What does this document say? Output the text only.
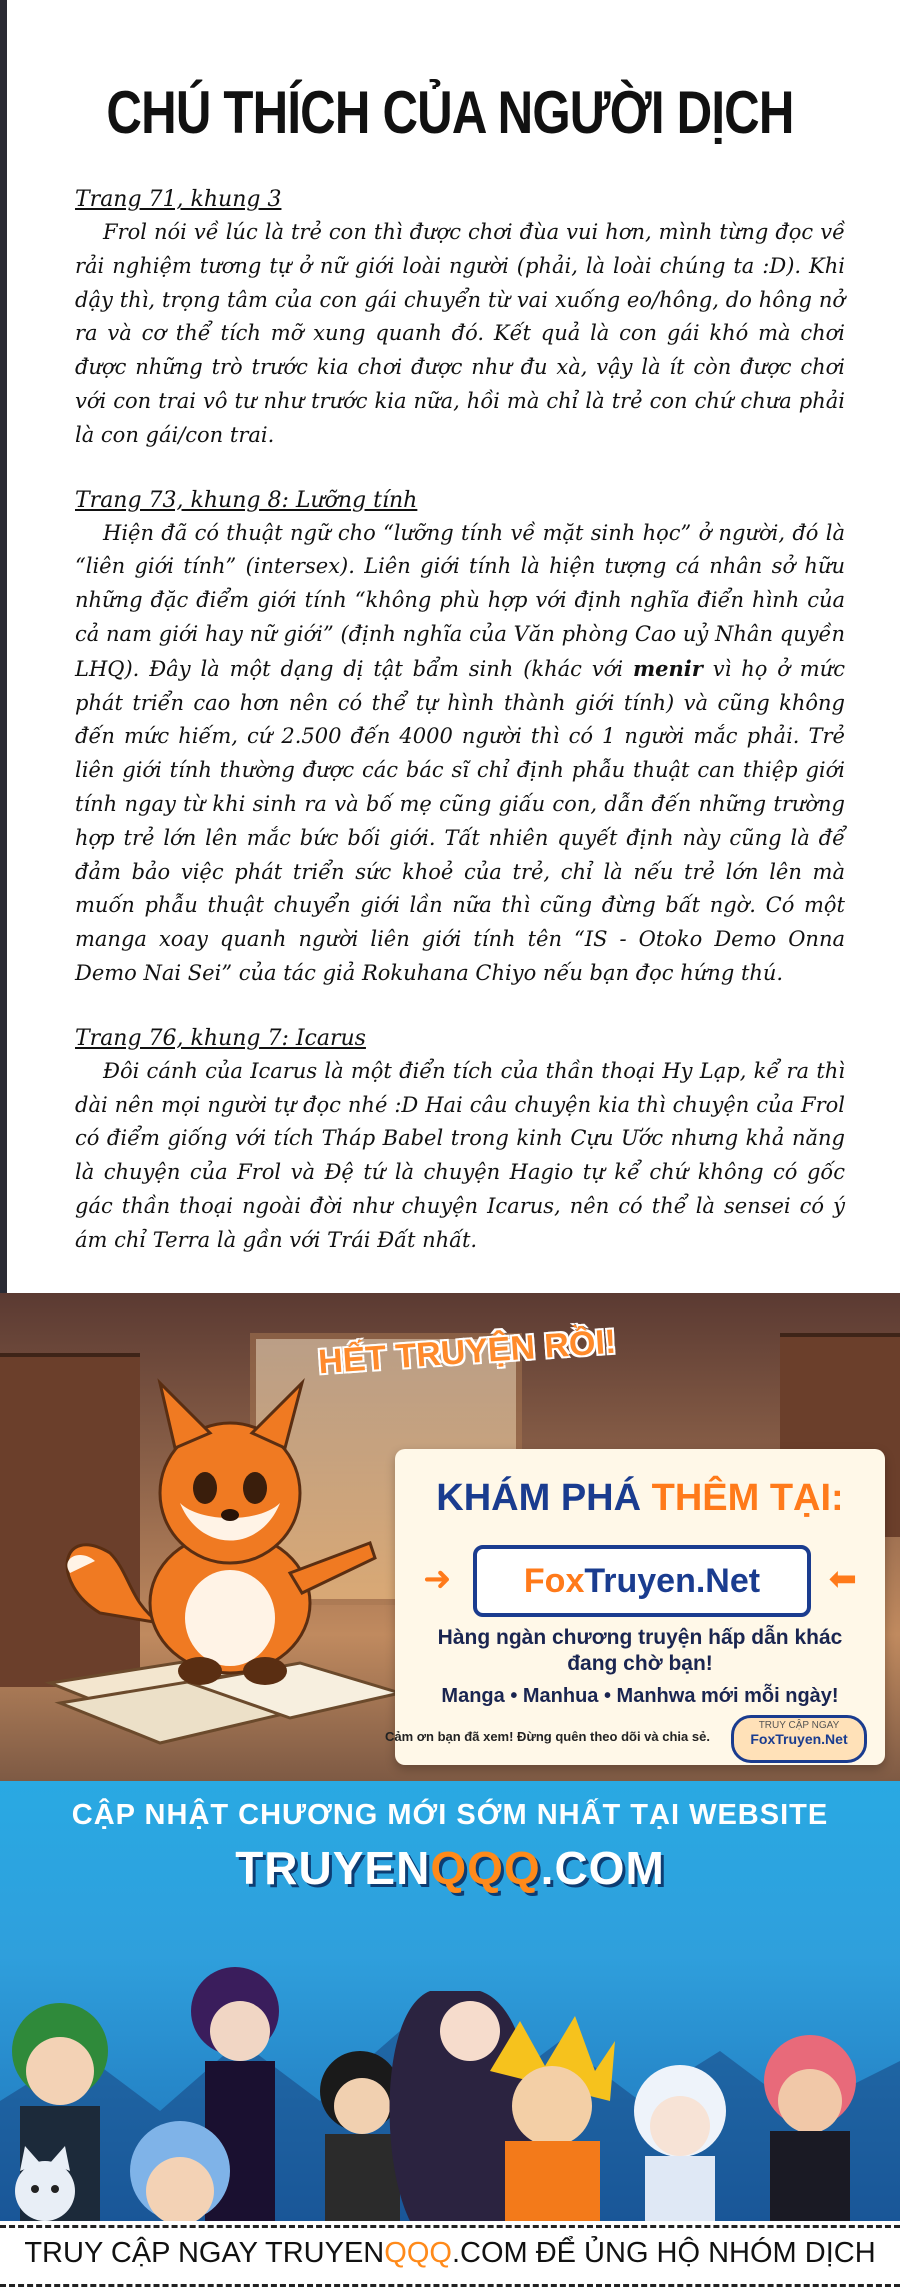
CHÚ THÍCH CỦA NGƯỜI DỊCH

Trang 71, khung 3

Frol nói về lúc là trẻ con thì được chơi đùa vui hơn, mình từng đọc về rải nghiệm tương tự ở nữ giới loài người (phải, là loài chúng ta :D). Khi dậy thì, trọng tâm của con gái chuyển từ vai xuống eo/hông, do hông nở ra và cơ thể tích mỡ xung quanh đó. Kết quả là con gái khó mà chơi được những trò trước kia chơi được như đu xà, vậy là ít còn được chơi với con trai vô tư như trước kia nữa, hồi mà chỉ là trẻ con chứ chưa phải là con gái/con trai.

Trang 73, khung 8: Lưỡng tính

Hiện đã có thuật ngữ cho “lưỡng tính về mặt sinh học” ở người, đó là “liên giới tính” (intersex). Liên giới tính là hiện tượng cá nhân sở hữu những đặc điểm giới tính “không phù hợp với định nghĩa điển hình của cả nam giới hay nữ giới” (định nghĩa của Văn phòng Cao uỷ Nhân quyền LHQ). Đây là một dạng dị tật bẩm sinh (khác với menir vì họ ở mức phát triển cao hơn nên có thể tự hình thành giới tính) và cũng không đến mức hiếm, cứ 2.500 đến 4000 người thì có 1 người mắc phải. Trẻ liên giới tính thường được các bác sĩ chỉ định phẫu thuật can thiệp giới tính ngay từ khi sinh ra và bố mẹ cũng giấu con, dẫn đến những trường hợp trẻ lớn lên mắc bức bối giới. Tất nhiên quyết định này cũng là để đảm bảo việc phát triển sức khoẻ của trẻ, chỉ là nếu trẻ lớn lên mà muốn phẫu thuật chuyển giới lần nữa thì cũng đừng bất ngờ. Có một manga xoay quanh người liên giới tính tên “IS - Otoko Demo Onna Demo Nai Sei” của tác giả Rokuhana Chiyo nếu bạn đọc hứng thú.

Trang 76, khung 7: Icarus

Đôi cánh của Icarus là một điển tích của thần thoại Hy Lạp, kể ra thì dài nên mọi người tự đọc nhé :D Hai câu chuyện kia thì chuyện của Frol có điểm giống với tích Tháp Babel trong kinh Cựu Ước nhưng khả năng là chuyện của Frol và Đệ tứ là chuyện Hagio tự kể chứ không có gốc gác thần thoại ngoài đời như chuyện Icarus, nên có thể là sensei có ý ám chỉ Terra là gần với Trái Đất nhất.

HẾT TRUYỆN RỒI!
KHÁM PHÁ THÊM TẠI:
➜	FoxTruyen.Net	⬅
Hàng ngàn chương truyện hấp dẫn khác đang chờ bạn!
Manga • Manhua • Manhwa mới mỗi ngày!
Cảm ơn bạn đã xem! Đừng quên theo dõi và chia sẻ.
TRUY CẬP NGAY
FoxTruyen.Net
CẬP NHẬT CHƯƠNG MỚI SỚM NHẤT TẠI WEBSITE
TRUYENQQQ.COM
TRUY CẬP NGAY TRUYENQQQ.COM ĐỂ ỦNG HỘ NHÓM DỊCH
